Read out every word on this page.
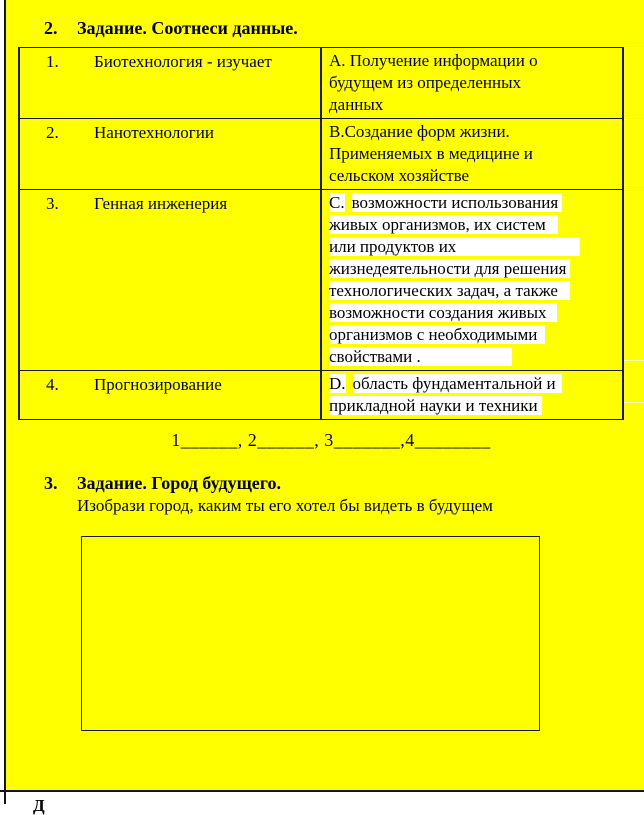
2.	Задание. Соотнеси данные.
1.	Биотехнология - изучает	А. Получение информации о
будущем из определенных
данных
2.	Нанотехнологии	В.Создание форм жизни.
Применяемых в медицине и
сельском хозяйстве
3.	Генная инженерия	С. возможности использования
живых организмов, их систем
или продуктов их
жизнедеятельности для решения
технологических задач, а также
возможности создания живых
организмов с необходимыми
свойствами .
4.	Прогнозирование	D. область фундаментальной и
прикладной науки и техники
1______, 2______, 3_______,4________
3.	Задание. Город будущего.
Изобрази город, каким ты его хотел бы видеть в будущем
Д
